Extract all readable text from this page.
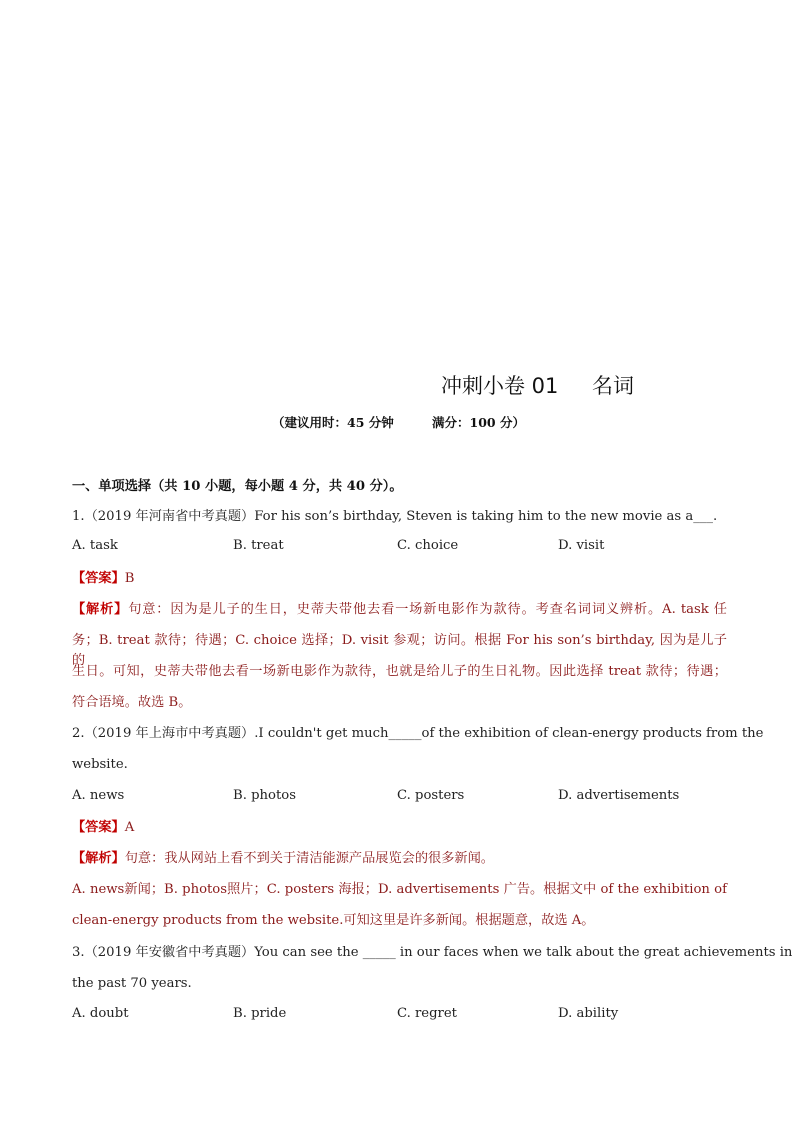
冲刺小卷 01 名词
（建议用时：45 分钟	满分：100 分）
一、单项选择（共 10 小题，每小题 4 分，共 40 分）。
1.（2019 年河南省中考真题）For his son’s birthday, Steven is taking him to the new movie as a___.
A. task	B. treat	C. choice	D. visit
【答案】B
【解析】句意：因为是儿子的生日，史蒂夫带他去看一场新电影作为款待。考查名词词义辨析。A. task 任
务；B. treat 款待；待遇；C. choice 选择；D. visit 参观；访问。根据 For his son’s birthday, 因为是儿子的
生日。可知，史蒂夫带他去看一场新电影作为款待，也就是给儿子的生日礼物。因此选择 treat 款待；待遇；
符合语境。故选 B。
2.（2019 年上海市中考真题）.I couldn't get much_____of the exhibition of clean-energy products from the
website.
A. news	B. photos	C. posters	D. advertisements
【答案】A
【解析】句意：我从网站上看不到关于清洁能源产品展览会的很多新闻。
A. news新闻；B. photos照片；C. posters 海报；D. advertisements 广告。根据文中 of the exhibition of
clean-energy products from the website.可知这里是许多新闻。根据题意，故选 A。
3.（2019 年安徽省中考真题）You can see the _____ in our faces when we talk about the great achievements in
the past 70 years.
A. doubt	B. pride	C. regret	D. ability
